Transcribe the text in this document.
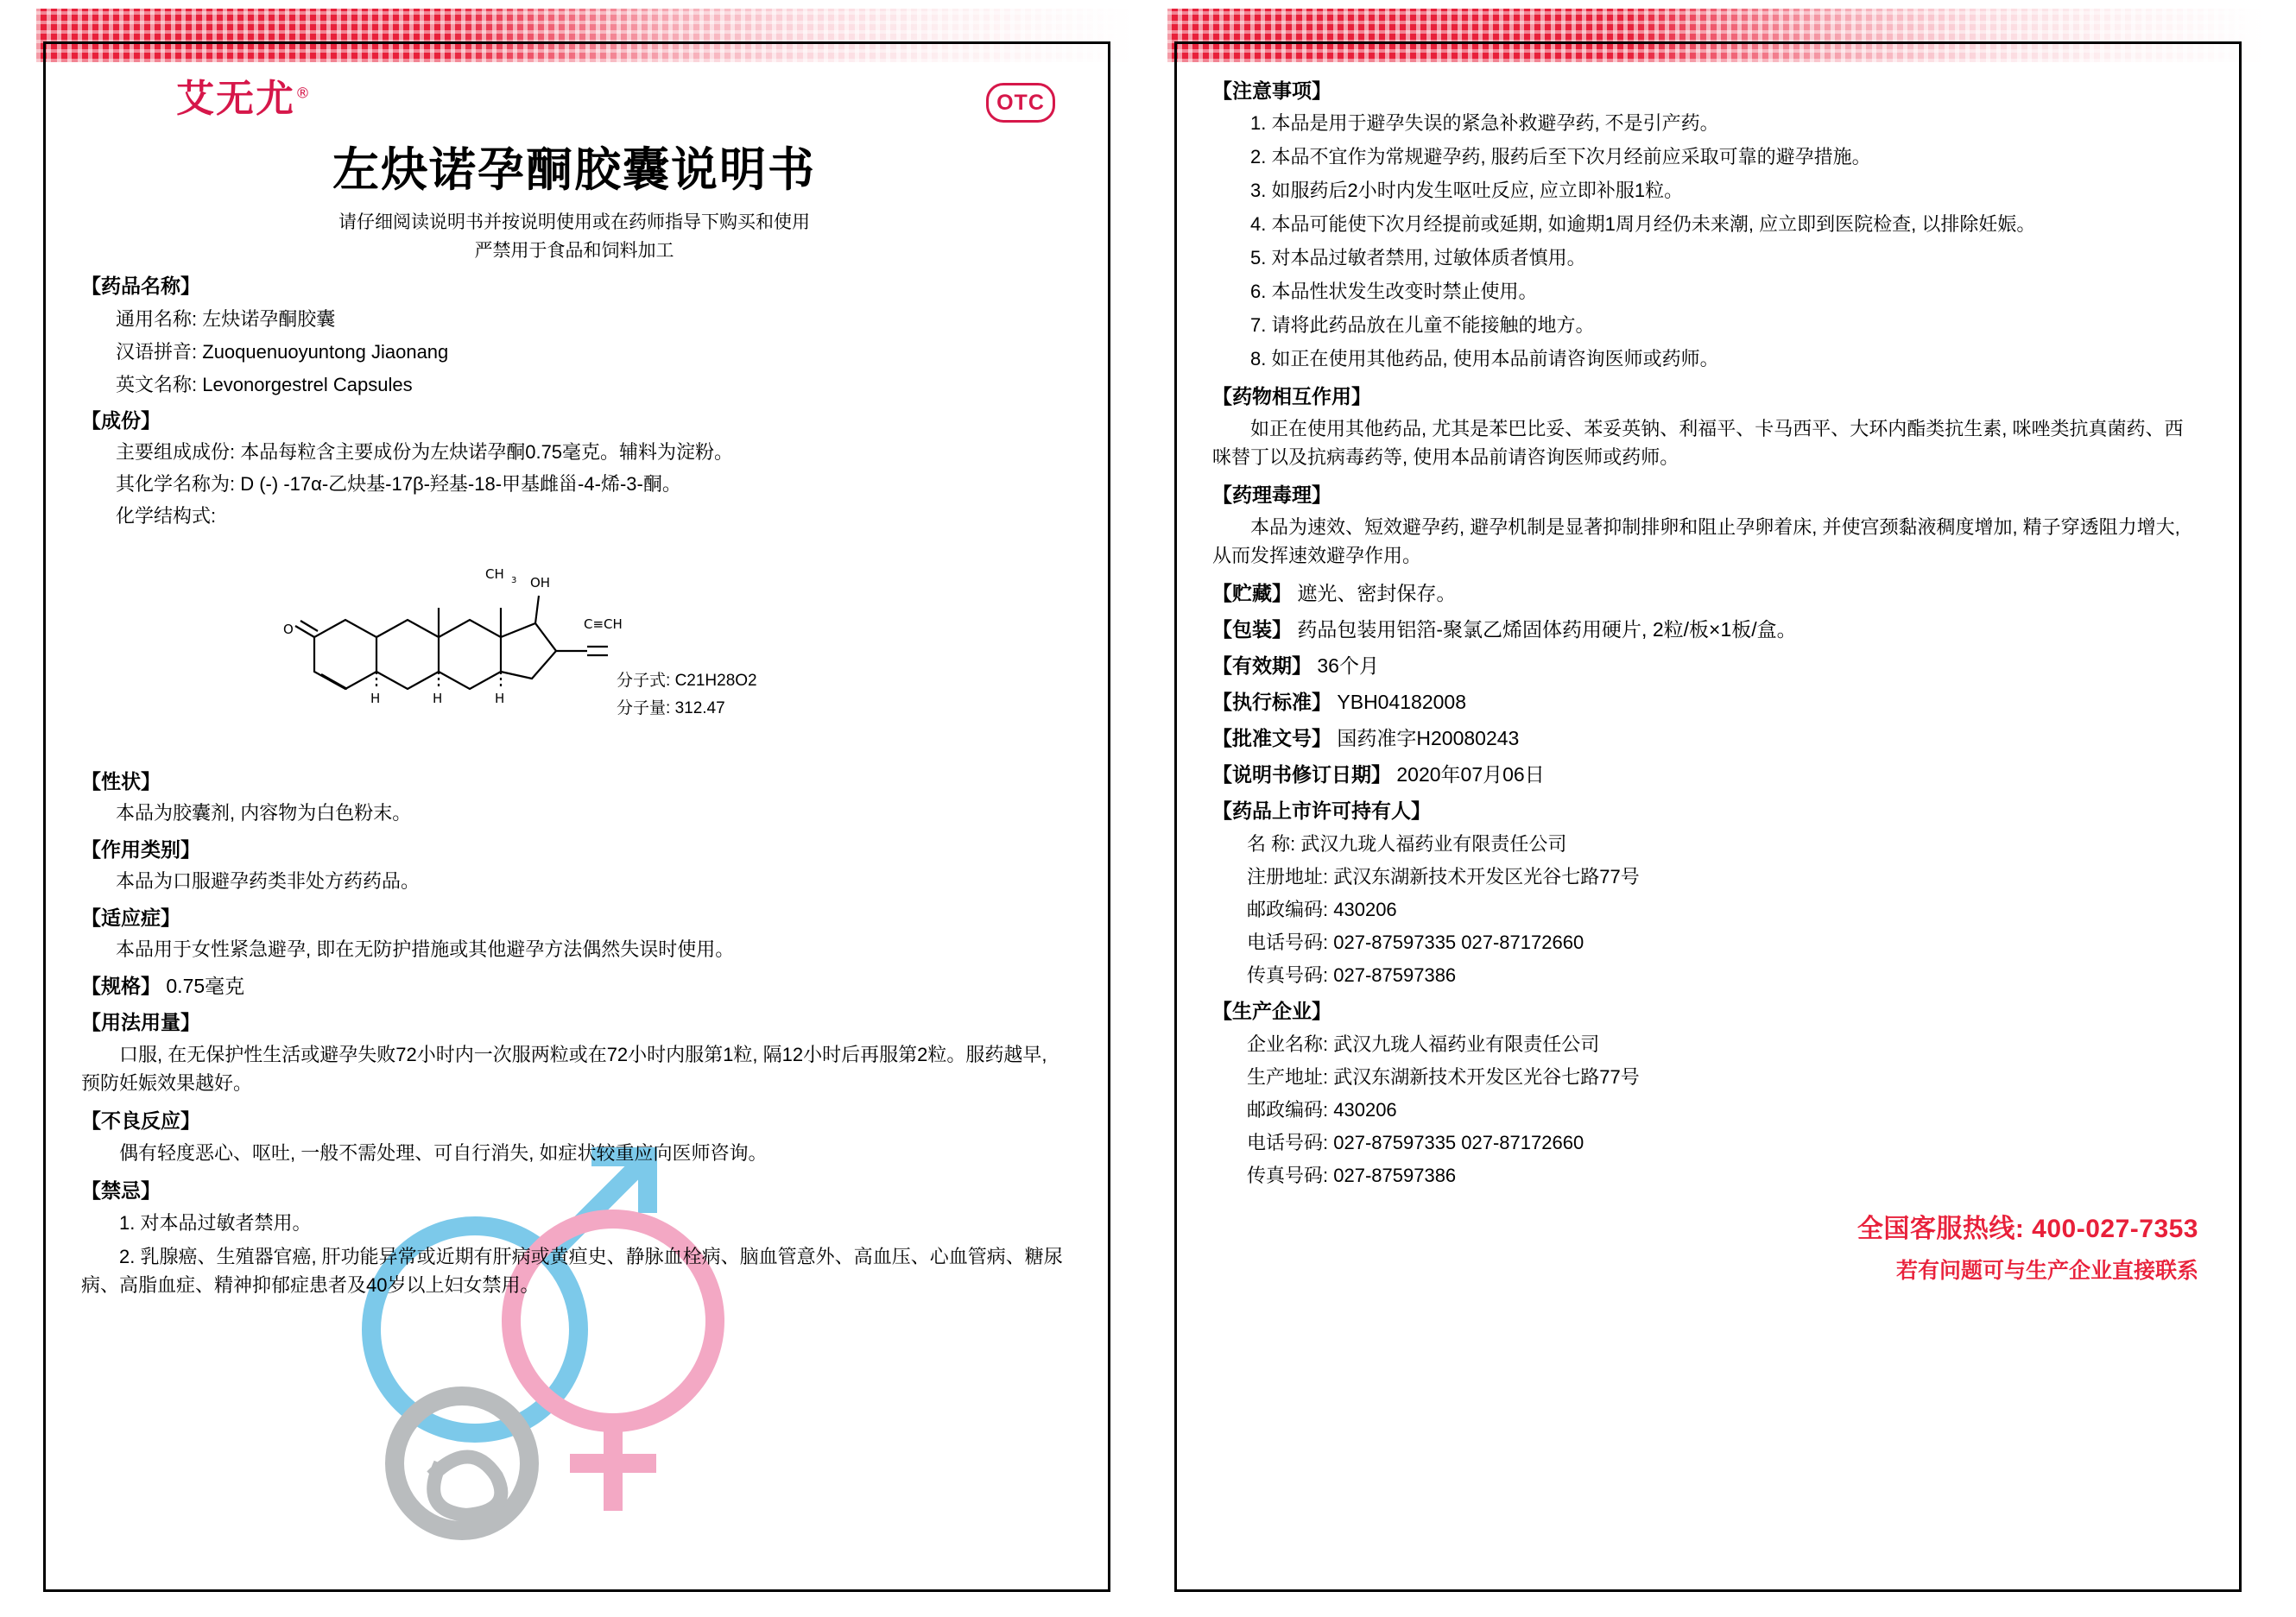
OTC
艾无尤®
左炔诺孕酮胶囊说明书
请仔细阅读说明书并按说明使用或在药师指导下购买和使用
严禁用于食品和饲料加工
【药品名称】
通用名称: 左炔诺孕酮胶囊
汉语拼音: Zuoquenuoyuntong Jiaonang
英文名称: Levonorgestrel Capsules
【成份】
主要组成成份: 本品每粒含主要成份为左炔诺孕酮0.75毫克。辅料为淀粉。
其化学名称为: D (-) -17α-乙炔基-17β-羟基-18-甲基雌甾-4-烯-3-酮。
化学结构式:
O
CH 3 OH
C≡CH
H	H	H
分子式: C21H28O2
分子量: 312.47
【性状】
本品为胶囊剂, 内容物为白色粉末。
【作用类别】
本品为口服避孕药类非处方药药品。
【适应症】
本品用于女性紧急避孕, 即在无防护措施或其他避孕方法偶然失误时使用。
【规格】 0.75毫克
【用法用量】
口服, 在无保护性生活或避孕失败72小时内一次服两粒或在72小时内服第1粒, 隔12小时后再服第2粒。服药越早, 预防妊娠效果越好。
【不良反应】
偶有轻度恶心、呕吐, 一般不需处理、可自行消失, 如症状较重应向医师咨询。
【禁忌】
1. 对本品过敏者禁用。
2. 乳腺癌、生殖器官癌, 肝功能异常或近期有肝病或黄疸史、静脉血栓病、脑血管意外、高血压、心血管病、糖尿病、高脂血症、精神抑郁症患者及40岁以上妇女禁用。
【注意事项】
1. 本品是用于避孕失误的紧急补救避孕药, 不是引产药。
2. 本品不宜作为常规避孕药, 服药后至下次月经前应采取可靠的避孕措施。
3. 如服药后2小时内发生呕吐反应, 应立即补服1粒。
4. 本品可能使下次月经提前或延期, 如逾期1周月经仍未来潮, 应立即到医院检查, 以排除妊娠。
5. 对本品过敏者禁用, 过敏体质者慎用。
6. 本品性状发生改变时禁止使用。
7. 请将此药品放在儿童不能接触的地方。
8. 如正在使用其他药品, 使用本品前请咨询医师或药师。
【药物相互作用】
如正在使用其他药品, 尤其是苯巴比妥、苯妥英钠、利福平、卡马西平、大环内酯类抗生素, 咪唑类抗真菌药、西咪替丁以及抗病毒药等, 使用本品前请咨询医师或药师。
【药理毒理】
本品为速效、短效避孕药, 避孕机制是显著抑制排卵和阻止孕卵着床, 并使宫颈黏液稠度增加, 精子穿透阻力增大, 从而发挥速效避孕作用。
【贮藏】 遮光、密封保存。
【包装】 药品包装用铝箔-聚氯乙烯固体药用硬片, 2粒/板×1板/盒。
【有效期】 36个月
【执行标准】 YBH04182008
【批准文号】 国药准字H20080243
【说明书修订日期】 2020年07月06日
【药品上市许可持有人】
名 称: 武汉九珑人福药业有限责任公司
注册地址: 武汉东湖新技术开发区光谷七路77号
邮政编码: 430206
电话号码: 027-87597335 027-87172660
传真号码: 027-87597386
【生产企业】
企业名称: 武汉九珑人福药业有限责任公司
生产地址: 武汉东湖新技术开发区光谷七路77号
邮政编码: 430206
电话号码: 027-87597335 027-87172660
传真号码: 027-87597386
全国客服热线: 400-027-7353
若有问题可与生产企业直接联系
